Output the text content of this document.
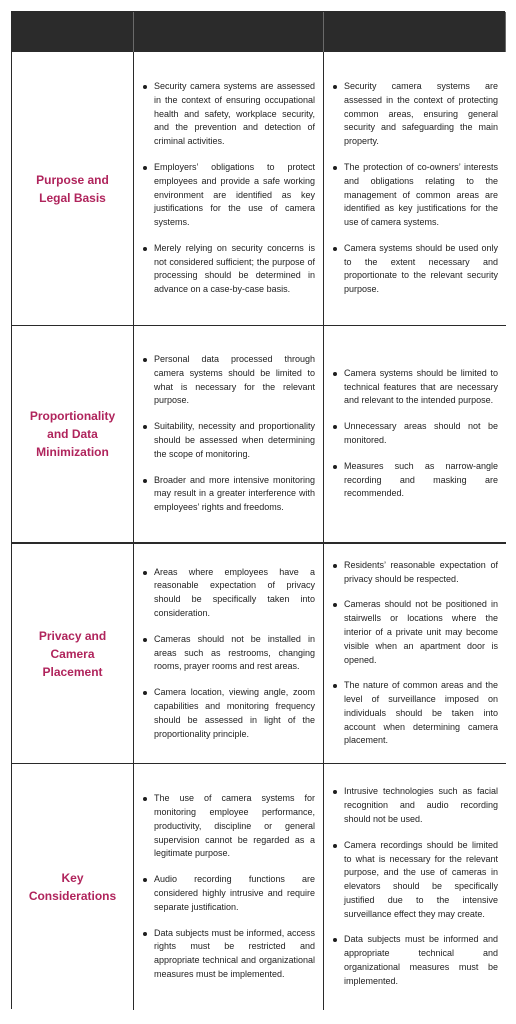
Purpose and
Legal Basis
Security camera systems are assessed in the context of ensuring occupational health and safety, workplace security, and the prevention and detection of criminal activities.
Employers’ obligations to protect employees and provide a safe working environment are identified as key justifications for the use of camera systems.
Merely relying on security concerns is not considered sufficient; the purpose of processing should be determined in advance on a case-by-case basis.
Security camera systems are assessed in the context of protecting common areas, ensuring general security and safeguarding the main property.
The protection of co-owners’ interests and obligations relating to the management of common areas are identified as key justifications for the use of camera systems.
Camera systems should be used only to the extent necessary and proportionate to the relevant security purpose.
Proportionality
and Data
Minimization
Personal data processed through camera systems should be limited to what is necessary for the relevant purpose.
Suitability, necessity and proportionality should be assessed when determining the scope of monitoring.
Broader and more intensive monitoring may result in a greater interference with employees’ rights and freedoms.
Camera systems should be limited to technical features that are necessary and relevant to the intended purpose.
Unnecessary areas should not be monitored.
Measures such as narrow-angle recording and masking are recommended.
Privacy and
Camera
Placement
Areas where employees have a reasonable expectation of privacy should be specifically taken into consideration.
Cameras should not be installed in areas such as restrooms, changing rooms, prayer rooms and rest areas.
Camera location, viewing angle, zoom capabilities and monitoring frequency should be assessed in light of the proportionality principle.
Residents’ reasonable expectation of privacy should be respected.
Cameras should not be positioned in stairwells or locations where the interior of a private unit may become visible when an apartment door is opened.
The nature of common areas and the level of surveillance imposed on individuals should be taken into account when determining camera placement.
Key
Considerations
The use of camera systems for monitoring employee performance, productivity, discipline or general supervision cannot be regarded as a legitimate purpose.
Audio recording functions are considered highly intrusive and require separate justification.
Data subjects must be informed, access rights must be restricted and appropriate technical and organizational measures must be implemented.
Intrusive technologies such as facial recognition and audio recording should not be used.
Camera recordings should be limited to what is necessary for the relevant purpose, and the use of cameras in elevators should be specifically justified due to the intensive surveillance effect they may create.
Data subjects must be informed and appropriate technical and organizational measures must be implemented.
